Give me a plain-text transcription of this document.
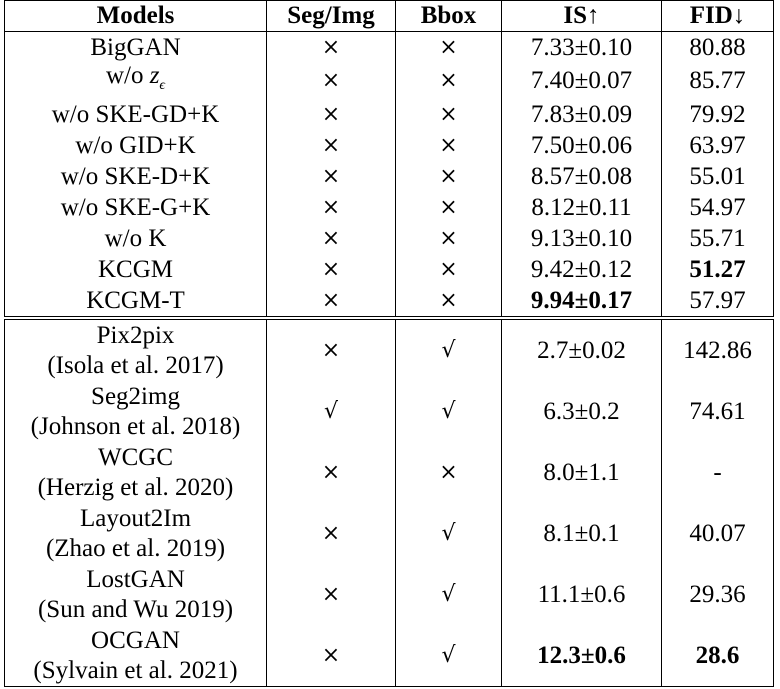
Models	Seg/Img	Bbox	IS↑	FID↓
BigGAN	×	×	7.33±0.10	80.88
w/o $z_\epsilon$	×	×	7.40±0.07	85.77
w/o SKE-GD+K	×	×	7.83±0.09	79.92
w/o GID+K	×	×	7.50±0.06	63.97
w/o SKE-D+K	×	×	8.57±0.08	55.01
w/o SKE-G+K	×	×	8.12±0.11	54.97
w/o K	×	×	9.13±0.10	55.71
KCGM	×	×	9.42±0.12	51.27
KCGM-T	×	×	9.94±0.17	57.97

Pix2pix
(Isola et al. 2017)	×	√	2.7±0.02	142.86

Seg2img
(Johnson et al. 2018)	√	√	6.3±0.2	74.61

WCGC
(Herzig et al. 2020)	×	×	8.0±1.1	-

Layout2Im
(Zhao et al. 2019)	×	√	8.1±0.1	40.07

LostGAN
(Sun and Wu 2019)	×	√	11.1±0.6	29.36

OCGAN
(Sylvain et al. 2021)	×	√	12.3±0.6	28.6
